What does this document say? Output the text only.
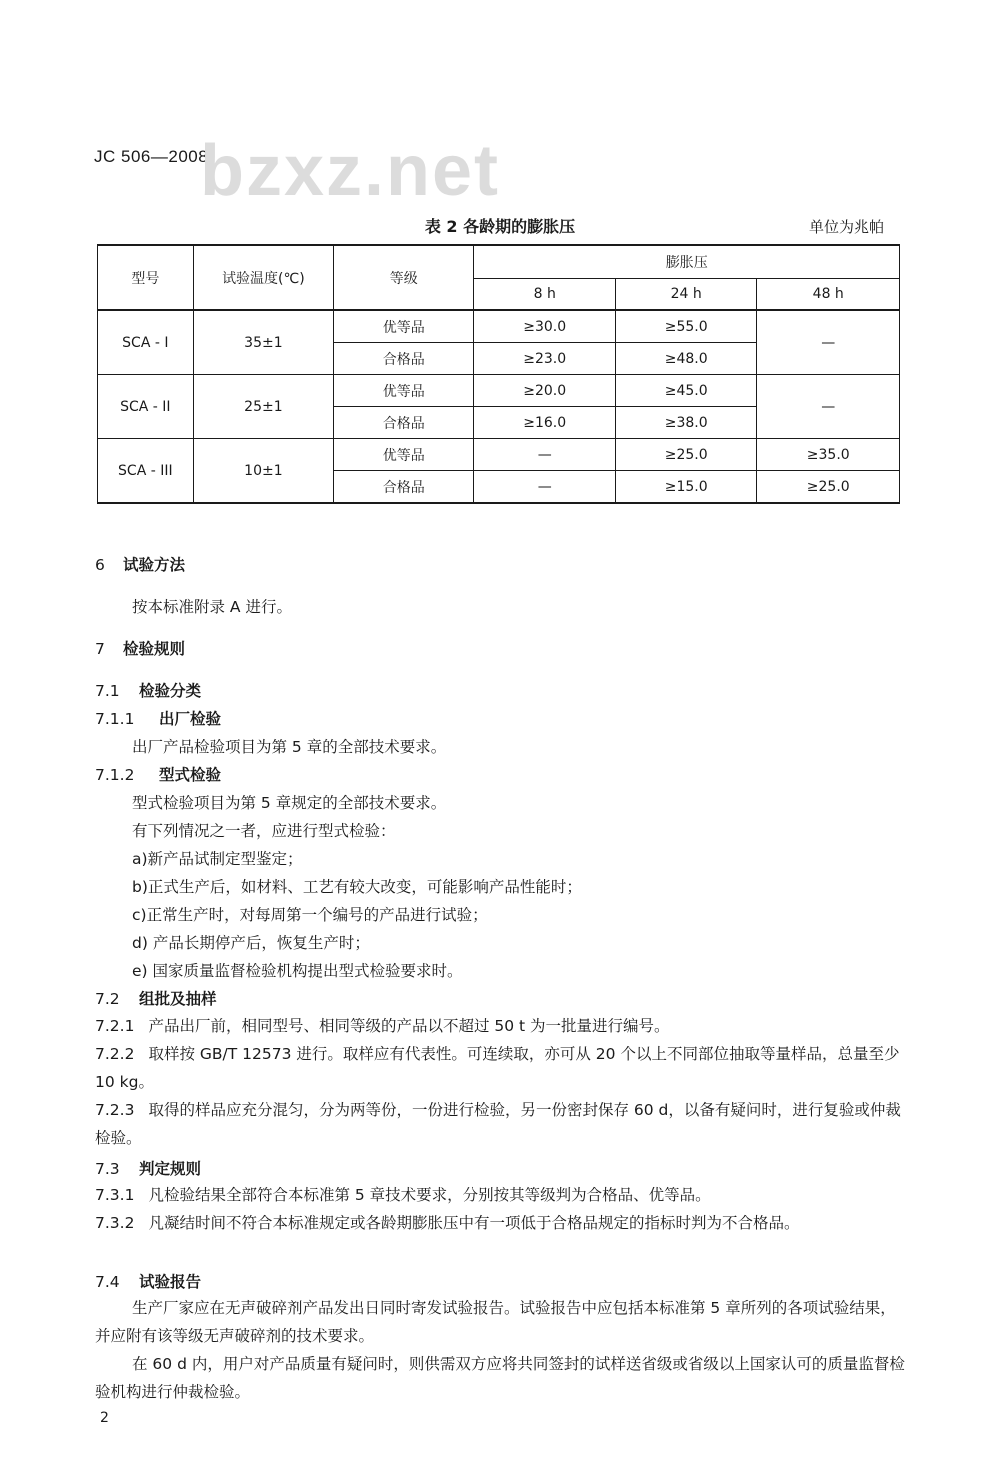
JC 506—2008
bzxz.net
表 2 各龄期的膨胀压	单位为兆帕
型号	试验温度(℃)	等级	膨胀压		
			8 h	24 h	48 h
SCA - I	35±1	优等品	≥30.0	≥55.0	—
		合格品	≥23.0	≥48.0	
SCA - II	25±1	优等品	≥20.0	≥45.0	—
		合格品	≥16.0	≥38.0	
SCA - III	10±1	优等品	—	≥25.0	≥35.0
		合格品	—	≥15.0	≥25.0
6 试验方法
按本标准附录 A 进行。
7 检验规则
7.1 检验分类
7.1.1 出厂检验
出厂产品检验项目为第 5 章的全部技术要求。
7.1.2 型式检验
型式检验项目为第 5 章规定的全部技术要求。
有下列情况之一者，应进行型式检验：
a)新产品试制定型鉴定；
b)正式生产后，如材料、工艺有较大改变，可能影响产品性能时；
c)正常生产时，对每周第一个编号的产品进行试验；
d) 产品长期停产后，恢复生产时；
e) 国家质量监督检验机构提出型式检验要求时。
7.2 组批及抽样
7.2.1 产品出厂前，相同型号、相同等级的产品以不超过 50 t 为一批量进行编号。
7.2.2 取样按 GB/T 12573 进行。取样应有代表性。可连续取，亦可从 20 个以上不同部位抽取等量样品，总量至少 10 kg。
7.2.3 取得的样品应充分混匀，分为两等份，一份进行检验，另一份密封保存 60 d，以备有疑问时，进行复验或仲裁检验。
7.3 判定规则
7.3.1 凡检验结果全部符合本标准第 5 章技术要求，分别按其等级判为合格品、优等品。
7.3.2 凡凝结时间不符合本标准规定或各龄期膨胀压中有一项低于合格品规定的指标时判为不合格品。
7.4 试验报告
生产厂家应在无声破碎剂产品发出日同时寄发试验报告。试验报告中应包括本标准第 5 章所列的各项试验结果，并应附有该等级无声破碎剂的技术要求。
在 60 d 内，用户对产品质量有疑问时，则供需双方应将共同签封的试样送省级或省级以上国家认可的质量监督检验机构进行仲裁检验。
2
